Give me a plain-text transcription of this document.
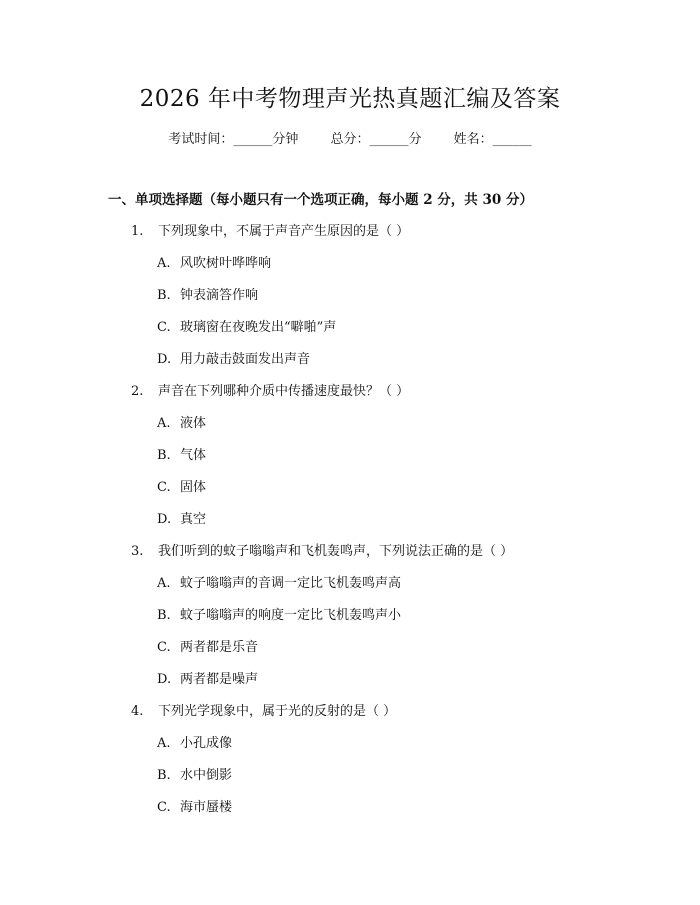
2026 年中考物理声光热真题汇编及答案
考试时间：______分钟 总分：______分 姓名：______
一、单项选择题（每小题只有一个选项正确，每小题 2 分，共 30 分）
1. 下列现象中，不属于声音产生原因的是（ ）
A. 风吹树叶哗哗响
B. 钟表滴答作响
C. 玻璃窗在夜晚发出“噼啪”声
D. 用力敲击鼓面发出声音
2. 声音在下列哪种介质中传播速度最快？（ ）
A. 液体
B. 气体
C. 固体
D. 真空
3. 我们听到的蚊子嗡嗡声和飞机轰鸣声，下列说法正确的是（ ）
A. 蚊子嗡嗡声的音调一定比飞机轰鸣声高
B. 蚊子嗡嗡声的响度一定比飞机轰鸣声小
C. 两者都是乐音
D. 两者都是噪声
4. 下列光学现象中，属于光的反射的是（ ）
A. 小孔成像
B. 水中倒影
C. 海市蜃楼
